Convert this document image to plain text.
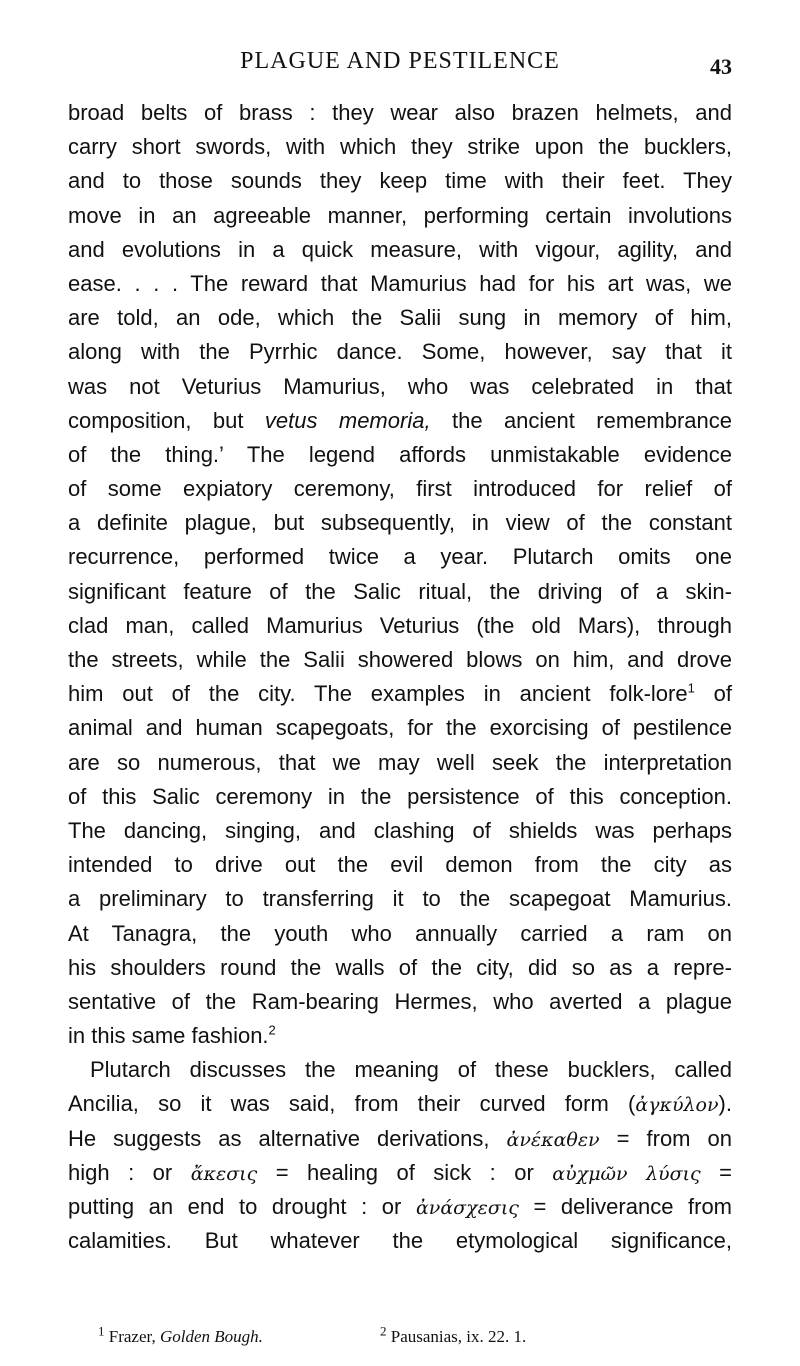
PLAGUE AND PESTILENCE	43
broad belts of brass : they wear also brazen helmets, and
carry short swords, with which they strike upon the bucklers,
and to those sounds they keep time with their feet. They
move in an agreeable manner, performing certain involutions
and evolutions in a quick measure, with vigour, agility, and
ease. . . . The reward that Mamurius had for his art was, we
are told, an ode, which the Salii sung in memory of him,
along with the Pyrrhic dance. Some, however, say that it
was not Veturius Mamurius, who was celebrated in that
composition, but vetus memoria, the ancient remembrance
of the thing.’ The legend affords unmistakable evidence
of some expiatory ceremony, first introduced for relief of
a definite plague, but subsequently, in view of the constant
recurrence, performed twice a year. Plutarch omits one
significant feature of the Salic ritual, the driving of a skin-
clad man, called Mamurius Veturius (the old Mars), through
the streets, while the Salii showered blows on him, and drove
him out of the city. The examples in ancient folk-lore$^1$ of
animal and human scapegoats, for the exorcising of pestilence
are so numerous, that we may well seek the interpretation
of this Salic ceremony in the persistence of this conception.
The dancing, singing, and clashing of shields was perhaps
intended to drive out the evil demon from the city as
a preliminary to transferring it to the scapegoat Mamurius.
At Tanagra, the youth who annually carried a ram on
his shoulders round the walls of the city, did so as a repre-
sentative of the Ram-bearing Hermes, who averted a plague
in this same fashion.$^2$
Plutarch discusses the meaning of these bucklers, called
Ancilia, so it was said, from their curved form (ἀγκύλον).
He suggests as alternative derivations, ἀνέκαθεν = from on
high : or ἄκεσις = healing of sick : or αὐχμῶν λύσις =
putting an end to drought : or ἀνάσχεσις = deliverance from
calamities. But whatever the etymological significance,
$^1$ Frazer, Golden Bough.	$^2$ Pausanias, ix. 22. 1.
